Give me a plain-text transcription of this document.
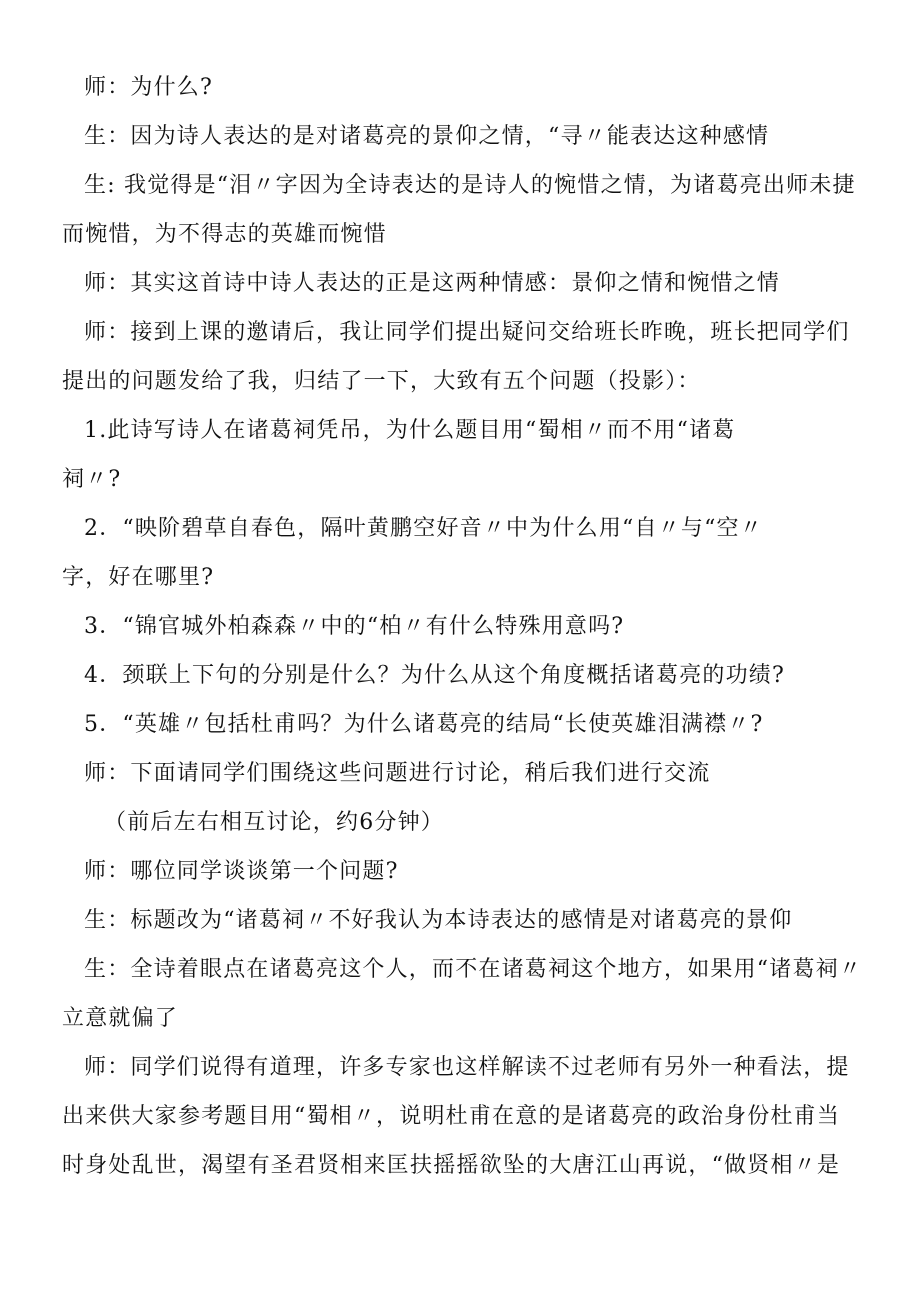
师：为什么?
生：因为诗人表达的是对诸葛亮的景仰之情，“寻〃能表达这种感情
生: 我觉得是“泪〃字因为全诗表达的是诗人的惋惜之情，为诸葛亮出师未捷
而惋惜，为不得志的英雄而惋惜
师：其实这首诗中诗人表达的正是这两种情感：景仰之情和惋惜之情
师：接到上课的邀请后，我让同学们提出疑问交给班长昨晚，班长把同学们
提出的问题发给了我，归结了一下，大致有五个问题（投影）：
1.此诗写诗人在诸葛祠凭吊，为什么题目用“蜀相〃而不用“诸葛
祠〃?
2．“映阶碧草自春色，隔叶黄鹏空好音〃中为什么用“自〃与“空〃
字，好在哪里?
3．“锦官城外柏森森〃中的“柏〃有什么特殊用意吗?
4．颈联上下句的分别是什么？为什么从这个角度概括诸葛亮的功绩?
5．“英雄〃包括杜甫吗？为什么诸葛亮的结局“长使英雄泪满襟〃?
师：下面请同学们围绕这些问题进行讨论，稍后我们进行交流
（前后左右相互讨论，约6分钟）
师：哪位同学谈谈第一个问题?
生：标题改为“诸葛祠〃不好我认为本诗表达的感情是对诸葛亮的景仰
生：全诗着眼点在诸葛亮这个人，而不在诸葛祠这个地方，如果用“诸葛祠〃
立意就偏了
师：同学们说得有道理，许多专家也这样解读不过老师有另外一种看法，提
出来供大家参考题目用“蜀相〃，说明杜甫在意的是诸葛亮的政治身份杜甫当
时身处乱世，渴望有圣君贤相来匡扶摇摇欲坠的大唐江山再说，“做贤相〃是
